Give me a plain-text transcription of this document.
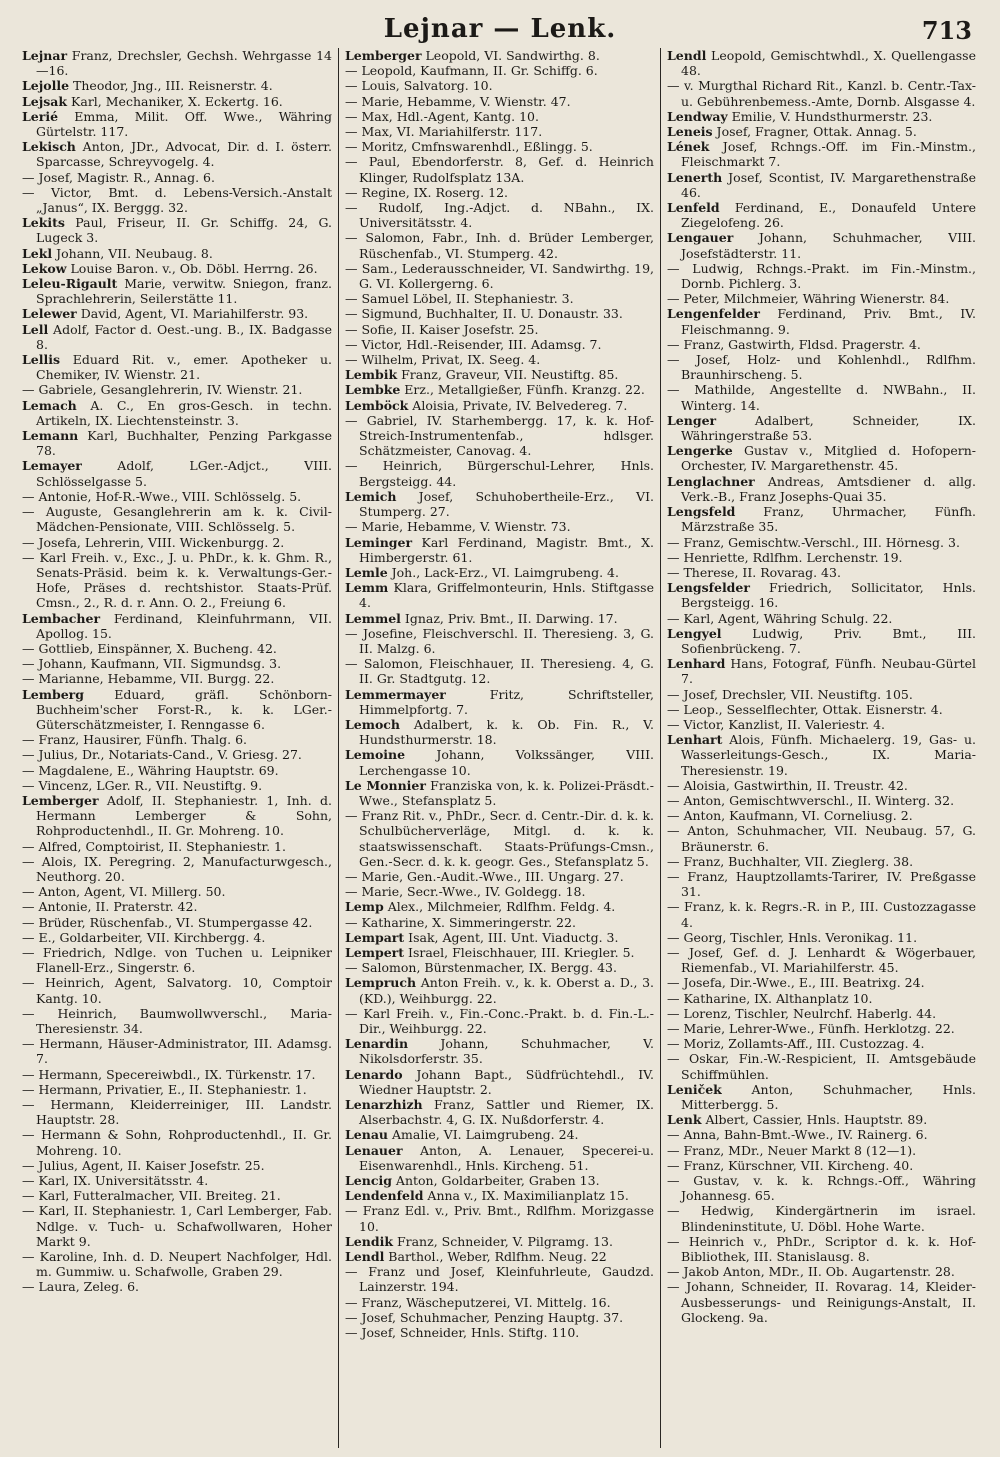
Lejnar — Lenk.	713

Lejnar Franz, Drechsler, Gechsh. Wehrgasse 14—16.

Lejolle Theodor, Jng., III. Reisnerstr. 4.

Lejsak Karl, Mechaniker, X. Eckertg. 16.

Lerié Emma, Milit. Off. Wwe., Währing Gürtelstr. 117.

Lekisch Anton, JDr., Advocat, Dir. d. I. österr. Sparcasse, Schreyvogelg. 4.

— Josef, Magistr. R., Annag. 6.

— Victor, Bmt. d. Lebens-Versich.-Anstalt „Janus“, IX. Berggg. 32.

Lekits Paul, Friseur, II. Gr. Schiffg. 24, G. Lugeck 3.

Lekl Johann, VII. Neubaug. 8.

Lekow Louise Baron. v., Ob. Döbl. Herrng. 26.

Leleu-Rigault Marie, verwitw. Sniegon, franz. Sprachlehrerin, Seilerstätte 11.

Lelewer David, Agent, VI. Mariahilferstr. 93.

Lell Adolf, Factor d. Oest.-ung. B., IX. Badgasse 8.

Lellis Eduard Rit. v., emer. Apotheker u. Chemiker, IV. Wienstr. 21.

— Gabriele, Gesanglehrerin, IV. Wienstr. 21.

Lemach A. C., En gros-Gesch. in techn. Artikeln, IX. Liechtensteinstr. 3.

Lemann Karl, Buchhalter, Penzing Parkgasse 78.

Lemayer Adolf, LGer.-Adjct., VIII. Schlösselgasse 5.

— Antonie, Hof-R.-Wwe., VIII. Schlösselg. 5.

— Auguste, Gesanglehrerin am k. k. Civil-Mädchen-Pensionate, VIII. Schlösselg. 5.

— Josefa, Lehrerin, VIII. Wickenburgg. 2.

— Karl Freih. v., Exc., J. u. PhDr., k. k. Ghm. R., Senats-Präsid. beim k. k. Verwaltungs-Ger.-Hofe, Präses d. rechtshistor. Staats-Prüf. Cmsn., 2., R. d. r. Ann. O. 2., Freiung 6.

Lembacher Ferdinand, Kleinfuhrmann, VII. Apollog. 15.

— Gottlieb, Einspänner, X. Bucheng. 42.

— Johann, Kaufmann, VII. Sigmundsg. 3.

— Marianne, Hebamme, VII. Burgg. 22.

Lemberg Eduard, gräfl. Schönborn-Buchheim'scher Forst-R., k. k. LGer.-Güterschätzmeister, I. Renngasse 6.

— Franz, Hausirer, Fünfh. Thalg. 6.

— Julius, Dr., Notariats-Cand., V. Griesg. 27.

— Magdalene, E., Währing Hauptstr. 69.

— Vincenz, LGer. R., VII. Neustiftg. 9.

Lemberger Adolf, II. Stephaniestr. 1, Inh. d. Hermann Lemberger & Sohn, Rohproductenhdl., II. Gr. Mohreng. 10.

— Alfred, Comptoirist, II. Stephaniestr. 1.

— Alois, IX. Peregring. 2, Manufacturwgesch., Neuthorg. 20.

— Anton, Agent, VI. Millerg. 50.

— Antonie, II. Praterstr. 42.

— Brüder, Rüschenfab., VI. Stumpergasse 42.

— E., Goldarbeiter, VII. Kirchbergg. 4.

— Friedrich, Ndlge. von Tuchen u. Leipniker Flanell-Erz., Singerstr. 6.

— Heinrich, Agent, Salvatorg. 10, Comptoir Kantg. 10.

— Heinrich, Baumwollwverschl., Maria-Theresienstr. 34.

— Hermann, Häuser-Administrator, III. Adamsg. 7.

— Hermann, Specereiwbdl., IX. Türkenstr. 17.

— Hermann, Privatier, E., II. Stephaniestr. 1.

— Hermann, Kleiderreiniger, III. Landstr. Hauptstr. 28.

— Hermann & Sohn, Rohproductenhdl., II. Gr. Mohreng. 10.

— Julius, Agent, II. Kaiser Josefstr. 25.

— Karl, IX. Universitätsstr. 4.

— Karl, Futteralmacher, VII. Breiteg. 21.

— Karl, II. Stephaniestr. 1, Carl Lemberger, Fab. Ndlge. v. Tuch- u. Schafwollwaren, Hoher Markt 9.

— Karoline, Inh. d. D. Neupert Nachfolger, Hdl. m. Gummiw. u. Schafwolle, Graben 29.

— Laura, Zeleg. 6.

Lemberger Leopold, VI. Sandwirthg. 8.

— Leopold, Kaufmann, II. Gr. Schiffg. 6.

— Louis, Salvatorg. 10.

— Marie, Hebamme, V. Wienstr. 47.

— Max, Hdl.-Agent, Kantg. 10.

— Max, VI. Mariahilferstr. 117.

— Moritz, Cmfnswarenhdl., Eßlingg. 5.

— Paul, Ebendorferstr. 8, Gef. d. Heinrich Klinger, Rudolfsplatz 13A.

— Regine, IX. Roserg. 12.

— Rudolf, Ing.-Adjct. d. NBahn., IX. Universitätsstr. 4.

— Salomon, Fabr., Inh. d. Brüder Lemberger, Rüschenfab., VI. Stumperg. 42.

— Sam., Lederausschneider, VI. Sandwirthg. 19, G. VI. Kollergerng. 6.

— Samuel Löbel, II. Stephaniestr. 3.

— Sigmund, Buchhalter, II. U. Donaustr. 33.

— Sofie, II. Kaiser Josefstr. 25.

— Victor, Hdl.-Reisender, III. Adamsg. 7.

— Wilhelm, Privat, IX. Seeg. 4.

Lembik Franz, Graveur, VII. Neustiftg. 85.

Lembke Erz., Metallgießer, Fünfh. Kranzg. 22.

Lemböck Aloisia, Private, IV. Belvedereg. 7.

— Gabriel, IV. Starhembergg. 17, k. k. Hof-Streich-Instrumentenfab., hdlsger. Schätzmeister, Canovag. 4.

— Heinrich, Bürgerschul-Lehrer, Hnls. Bergsteigg. 44.

Lemich Josef, Schuhobertheile-Erz., VI. Stumperg. 27.

— Marie, Hebamme, V. Wienstr. 73.

Leminger Karl Ferdinand, Magistr. Bmt., X. Himbergerstr. 61.

Lemle Joh., Lack-Erz., VI. Laimgrubeng. 4.

Lemm Klara, Griffelmonteurin, Hnls. Stiftgasse 4.

Lemmel Ignaz, Priv. Bmt., II. Darwing. 17.

— Josefine, Fleischverschl. II. Theresieng. 3, G. II. Malzg. 6.

— Salomon, Fleischhauer, II. Theresieng. 4, G. II. Gr. Stadtgutg. 12.

Lemmermayer Fritz, Schriftsteller, Himmelpfortg. 7.

Lemoch Adalbert, k. k. Ob. Fin. R., V. Hundsthurmerstr. 18.

Lemoine Johann, Volkssänger, VIII. Lerchengasse 10.

Le Monnier Franziska von, k. k. Polizei-Präsdt.-Wwe., Stefansplatz 5.

— Franz Rit. v., PhDr., Secr. d. Centr.-Dir. d. k. k. Schulbücherverläge, Mitgl. d. k. k. staatswissenschaft. Staats-Prüfungs-Cmsn., Gen.-Secr. d. k. k. geogr. Ges., Stefansplatz 5.

— Marie, Gen.-Audit.-Wwe., III. Ungarg. 27.

— Marie, Secr.-Wwe., IV. Goldegg. 18.

Lemp Alex., Milchmeier, Rdlfhm. Feldg. 4.

— Katharine, X. Simmeringerstr. 22.

Lempart Isak, Agent, III. Unt. Viaductg. 3.

Lempert Israel, Fleischhauer, III. Kriegler. 5.

— Salomon, Bürstenmacher, IX. Bergg. 43.

Lempruch Anton Freih. v., k. k. Oberst a. D., 3. (KD.), Weihburgg. 22.

— Karl Freih. v., Fin.-Conc.-Prakt. b. d. Fin.-L.-Dir., Weihburgg. 22.

Lenardin Johann, Schuhmacher, V. Nikolsdorferstr. 35.

Lenardo Johann Bapt., Südfrüchtehdl., IV. Wiedner Hauptstr. 2.

Lenarzhizh Franz, Sattler und Riemer, IX. Alserbachstr. 4, G. IX. Nußdorferstr. 4.

Lenau Amalie, VI. Laimgrubeng. 24.

Lenauer Anton, A. Lenauer, Specerei-u. Eisenwarenhdl., Hnls. Kircheng. 51.

Lencig Anton, Goldarbeiter, Graben 13.

Lendenfeld Anna v., IX. Maximilianplatz 15.

— Franz Edl. v., Priv. Bmt., Rdlfhm. Morizgasse 10.

Lendik Franz, Schneider, V. Pilgramg. 13.

Lendl Barthol., Weber, Rdlfhm. Neug. 22

— Franz und Josef, Kleinfuhrleute, Gaudzd. Lainzerstr. 194.

— Franz, Wäscheputzerei, VI. Mittelg. 16.

— Josef, Schuhmacher, Penzing Hauptg. 37.

— Josef, Schneider, Hnls. Stiftg. 110.

Lendl Leopold, Gemischtwhdl., X. Quellengasse 48.

— v. Murgthal Richard Rit., Kanzl. b. Centr.-Tax- u. Gebührenbemess.-Amte, Dornb. Alsgasse 4.

Lendway Emilie, V. Hundsthurmerstr. 23.

Leneis Josef, Fragner, Ottak. Annag. 5.

Lének Josef, Rchngs.-Off. im Fin.-Minstm., Fleischmarkt 7.

Lenerth Josef, Scontist, IV. Margarethenstraße 46.

Lenfeld Ferdinand, E., Donaufeld Untere Ziegelofeng. 26.

Lengauer Johann, Schuhmacher, VIII. Josefstädterstr. 11.

— Ludwig, Rchngs.-Prakt. im Fin.-Minstm., Dornb. Pichlerg. 3.

— Peter, Milchmeier, Währing Wienerstr. 84.

Lengenfelder Ferdinand, Priv. Bmt., IV. Fleischmanng. 9.

— Franz, Gastwirth, Fldsd. Pragerstr. 4.

— Josef, Holz- und Kohlenhdl., Rdlfhm. Braunhirscheng. 5.

— Mathilde, Angestellte d. NWBahn., II. Winterg. 14.

Lenger Adalbert, Schneider, IX. Währingerstraße 53.

Lengerke Gustav v., Mitglied d. Hofopern-Orchester, IV. Margarethenstr. 45.

Lenglachner Andreas, Amtsdiener d. allg. Verk.-B., Franz Josephs-Quai 35.

Lengsfeld Franz, Uhrmacher, Fünfh. Märzstraße 35.

— Franz, Gemischtw.-Verschl., III. Hörnesg. 3.

— Henriette, Rdlfhm. Lerchenstr. 19.

— Therese, II. Rovarag. 43.

Lengsfelder Friedrich, Sollicitator, Hnls. Bergsteigg. 16.

— Karl, Agent, Währing Schulg. 22.

Lengyel Ludwig, Priv. Bmt., III. Sofienbrückeng. 7.

Lenhard Hans, Fotograf, Fünfh. Neubau-Gürtel 7.

— Josef, Drechsler, VII. Neustiftg. 105.

— Leop., Sesselflechter, Ottak. Eisnerstr. 4.

— Victor, Kanzlist, II. Valeriestr. 4.

Lenhart Alois, Fünfh. Michaelerg. 19, Gas- u. Wasserleitungs-Gesch., IX. Maria-Theresienstr. 19.

— Aloisia, Gastwirthin, II. Treustr. 42.

— Anton, Gemischtwverschl., II. Winterg. 32.

— Anton, Kaufmann, VI. Corneliusg. 2.

— Anton, Schuhmacher, VII. Neubaug. 57, G. Bräunerstr. 6.

— Franz, Buchhalter, VII. Zieglerg. 38.

— Franz, Hauptzollamts-Tarirer, IV. Preßgasse 31.

— Franz, k. k. Regrs.-R. in P., III. Custozzagasse 4.

— Georg, Tischler, Hnls. Veronikag. 11.

— Josef, Gef. d. J. Lenhardt & Wögerbauer, Riemenfab., VI. Mariahilferstr. 45.

— Josefa, Dir.-Wwe., E., III. Beatrixg. 24.

— Katharine, IX. Althanplatz 10.

— Lorenz, Tischler, Neulrchf. Haberlg. 44.

— Marie, Lehrer-Wwe., Fünfh. Herklotzg. 22.

— Moriz, Zollamts-Aff., III. Custozzag. 4.

— Oskar, Fin.-W.-Respicient, II. Amtsgebäude Schiffmühlen.

Leniček Anton, Schuhmacher, Hnls. Mitterbergg. 5.

Lenk Albert, Cassier, Hnls. Hauptstr. 89.

— Anna, Bahn-Bmt.-Wwe., IV. Rainerg. 6.

— Franz, MDr., Neuer Markt 8 (12—1).

— Franz, Kürschner, VII. Kircheng. 40.

— Gustav, v. k. k. Rchngs.-Off., Währing Johannesg. 65.

— Hedwig, Kindergärtnerin im israel. Blindeninstitute, U. Döbl. Hohe Warte.

— Heinrich v., PhDr., Scriptor d. k. k. Hof-Bibliothek, III. Stanislausg. 8.

— Jakob Anton, MDr., II. Ob. Augartenstr. 28.

— Johann, Schneider, II. Rovarag. 14, Kleider-Ausbesserungs- und Reinigungs-Anstalt, II. Glockeng. 9a.
